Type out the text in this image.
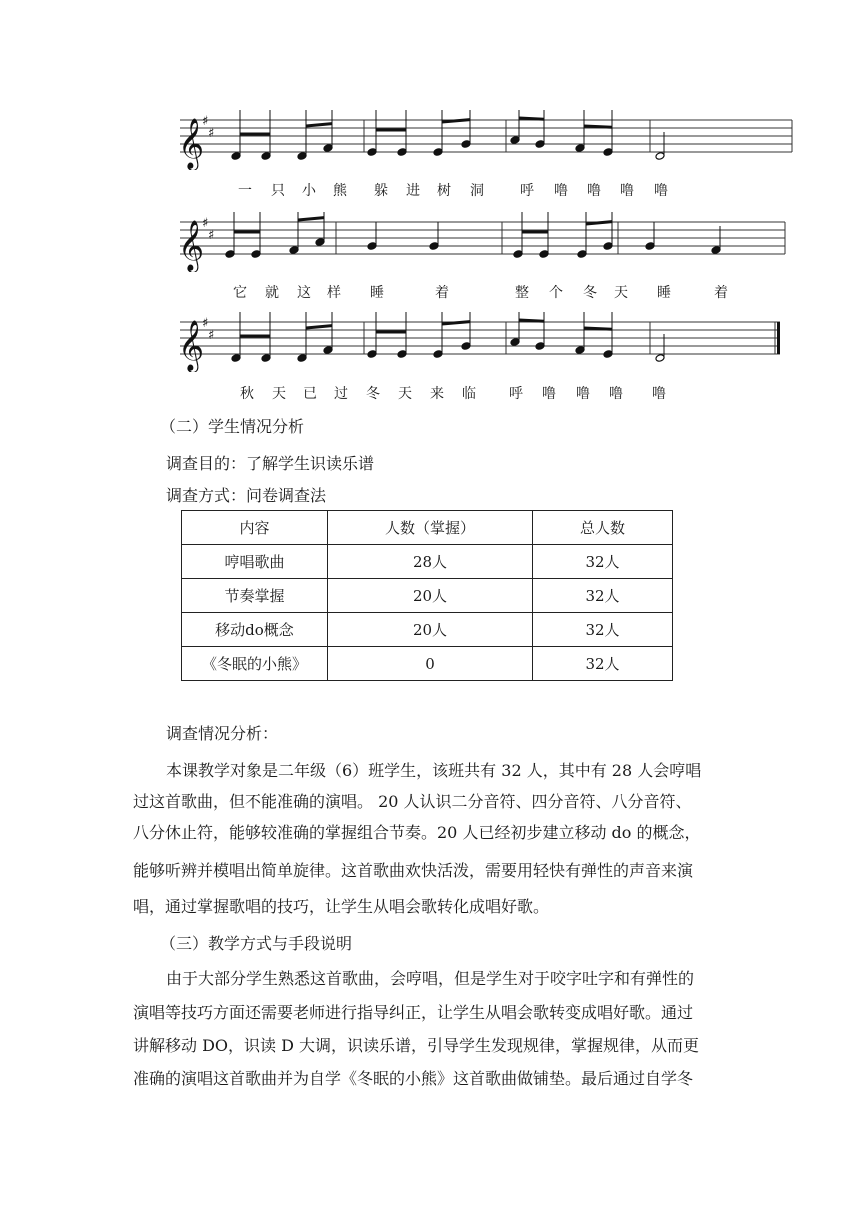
𝄞
♯
♯
一 只 小 熊 躲 进 树 洞	呼 噜 噜 噜 噜
𝄞
♯
♯
它 就 这 样 睡	着	整 个 冬 天 睡	着
𝄞
♯
♯
秋 天 已 过 冬 天 来 临 呼 噜 噜 噜 噜
（二）学生情况分析
调查目的：了解学生识读乐谱
调查方式：问卷调查法
内容	人数（掌握）	总人数
哼唱歌曲	28人	32人
节奏掌握	20人	32人
移动do概念	20人	32人
《冬眠的小熊》	0	32人
调查情况分析：
本课教学对象是二年级（6）班学生，该班共有 32 人，其中有 28 人会哼唱
过这首歌曲，但不能准确的演唱。 20 人认识二分音符、四分音符、八分音符、
八分休止符，能够较准确的掌握组合节奏。20 人已经初步建立移动 do 的概念，
能够听辨并模唱出简单旋律。这首歌曲欢快活泼，需要用轻快有弹性的声音来演
唱，通过掌握歌唱的技巧，让学生从唱会歌转化成唱好歌。
（三）教学方式与手段说明
由于大部分学生熟悉这首歌曲，会哼唱，但是学生对于咬字吐字和有弹性的
演唱等技巧方面还需要老师进行指导纠正，让学生从唱会歌转变成唱好歌。通过
讲解移动 DO，识读 D 大调，识读乐谱，引导学生发现规律，掌握规律，从而更
准确的演唱这首歌曲并为自学《冬眠的小熊》这首歌曲做铺垫。最后通过自学冬
